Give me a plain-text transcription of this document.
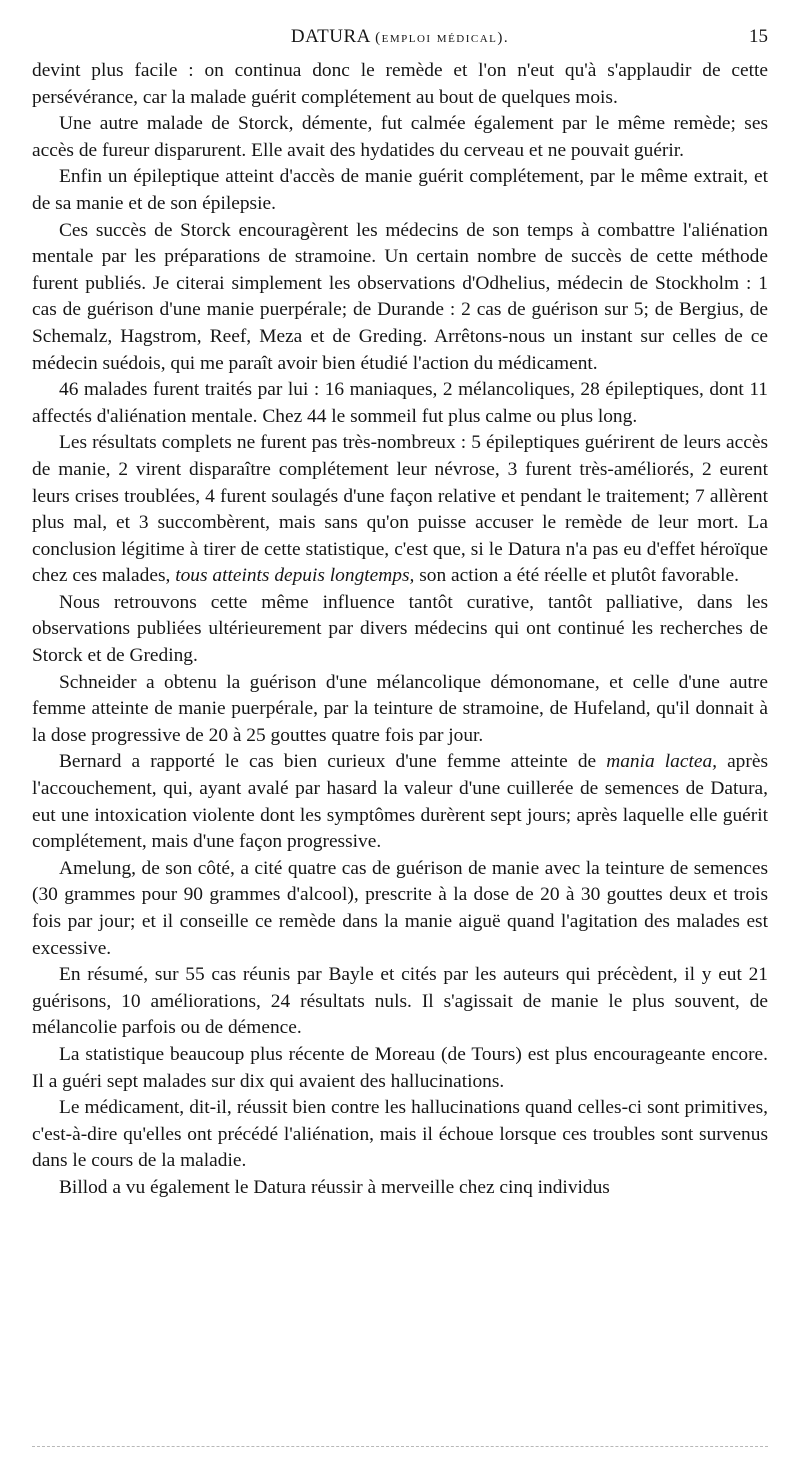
DATURA (emploi médical).	15

devint plus facile : on continua donc le remède et l'on n'eut qu'à s'applaudir de cette persévérance, car la malade guérit complétement au bout de quelques mois.

Une autre malade de Storck, démente, fut calmée également par le même remède; ses accès de fureur disparurent. Elle avait des hydatides du cerveau et ne pouvait guérir.

Enfin un épileptique atteint d'accès de manie guérit complétement, par le même extrait, et de sa manie et de son épilepsie.

Ces succès de Storck encouragèrent les médecins de son temps à combattre l'aliénation mentale par les préparations de stramoine. Un certain nombre de succès de cette méthode furent publiés. Je citerai simplement les observations d'Odhelius, médecin de Stockholm : 1 cas de guérison d'une manie puerpérale; de Durande : 2 cas de guérison sur 5; de Bergius, de Schemalz, Hagstrom, Reef, Meza et de Greding. Arrêtons-nous un instant sur celles de ce médecin suédois, qui me paraît avoir bien étudié l'action du médicament.

46 malades furent traités par lui : 16 maniaques, 2 mélancoliques, 28 épileptiques, dont 11 affectés d'aliénation mentale. Chez 44 le sommeil fut plus calme ou plus long.

Les résultats complets ne furent pas très-nombreux : 5 épileptiques guérirent de leurs accès de manie, 2 virent disparaître complétement leur névrose, 3 furent très-améliorés, 2 eurent leurs crises troublées, 4 furent soulagés d'une façon relative et pendant le traitement; 7 allèrent plus mal, et 3 succombèrent, mais sans qu'on puisse accuser le remède de leur mort. La conclusion légitime à tirer de cette statistique, c'est que, si le Datura n'a pas eu d'effet héroïque chez ces malades, tous atteints depuis longtemps, son action a été réelle et plutôt favorable.

Nous retrouvons cette même influence tantôt curative, tantôt palliative, dans les observations publiées ultérieurement par divers médecins qui ont continué les recherches de Storck et de Greding.

Schneider a obtenu la guérison d'une mélancolique démonomane, et celle d'une autre femme atteinte de manie puerpérale, par la teinture de stramoine, de Hufeland, qu'il donnait à la dose progressive de 20 à 25 gouttes quatre fois par jour.

Bernard a rapporté le cas bien curieux d'une femme atteinte de mania lactea, après l'accouchement, qui, ayant avalé par hasard la valeur d'une cuillerée de semences de Datura, eut une intoxication violente dont les symptômes durèrent sept jours; après laquelle elle guérit complétement, mais d'une façon progressive.

Amelung, de son côté, a cité quatre cas de guérison de manie avec la teinture de semences (30 grammes pour 90 grammes d'alcool), prescrite à la dose de 20 à 30 gouttes deux et trois fois par jour; et il conseille ce remède dans la manie aiguë quand l'agitation des malades est excessive.

En résumé, sur 55 cas réunis par Bayle et cités par les auteurs qui précèdent, il y eut 21 guérisons, 10 améliorations, 24 résultats nuls. Il s'agissait de manie le plus souvent, de mélancolie parfois ou de démence.

La statistique beaucoup plus récente de Moreau (de Tours) est plus encourageante encore. Il a guéri sept malades sur dix qui avaient des hallucinations.

Le médicament, dit-il, réussit bien contre les hallucinations quand celles-ci sont primitives, c'est-à-dire qu'elles ont précédé l'aliénation, mais il échoue lorsque ces troubles sont survenus dans le cours de la maladie.

Billod a vu également le Datura réussir à merveille chez cinq individus
